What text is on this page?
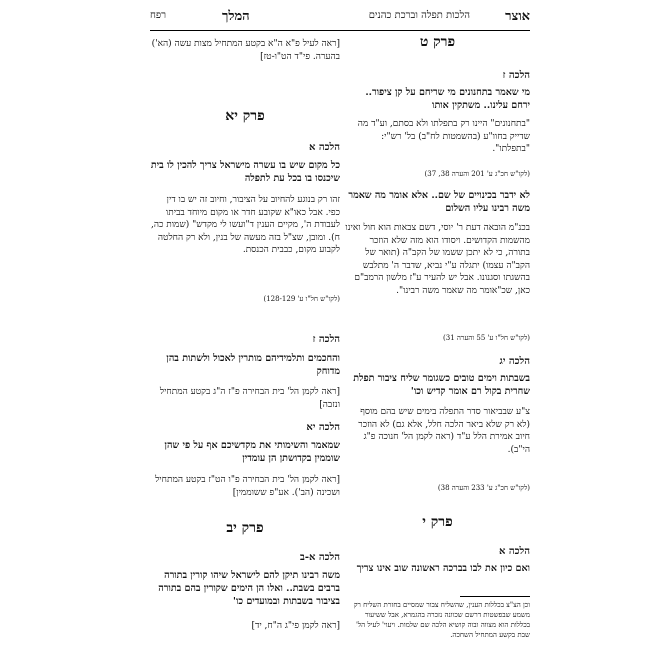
אוצר
הלכות תפלה וברכת כהנים
המלך
רפח

פרק ט

הלכה ז

מי שאמר בתחנונים מי שריחם על קן ציפור.. ירחם עלינו.. משתקין אותו

"בתחנונים" היינו רק בתפלתו ולא בסתם, וע"ד מה שדייק בחוו"ע (בהשמטות לח"ב) בל' רש"י: "בתפלתו".

(לקו"ש חכ"ג ע' 201 והערה 38, 37)

לא ידבר בכינויים של שם.. אלא אומר מה שאמר משה רבינו עליו השלום

בכנ"מ הובאה דעת ר' יוסי, דשם צבאות הוא חול ואינו מהשמות הקדושים. ויסודו הוא מזה שלא הוזכר בתורה, כי לא יתכן ששמו של הקב"ה (תואר של הקב"ה עצמו) יתגלה ע"י נביא, שדבר ה' מתלבש בהשגתו וסגנונו. אבל יש להעיר ע"ז מלשון הרמב"ם כאן, שכ"אומר מה שאמר משה רבינו".

(לקו"ש חל"ו ע' 55 והערה 31)

הלכה יג

בשבתות וימים טובים כשגומר שליח ציבור תפלת שחרית בקול רם אומר קדיש וכו'

צ"ע שבביאור סדר התפלה בימים שיש בהם מוסף (לא רק שלא ביאר הלכה חלל, אלא גם) לא הוזכר חיוב אמירת הלל ע"ד (ראה לקמן הל' חנוכה פ"ג הי"ב).

(לקו"ש חכ"ג ע' 233 והערה 38)

פרק י

הלכה א

ואם כיון את לבו בברכה ראשונה שוב אינו צריך

וכן הצ"צ בכללות הענין, שהשליח צבור שמסיים בחזרת השליח רק משמע שבפשטות דרשם שכוונה נזכרה בהגמרא, אבל ששיעור בכללות הוא מצווה ובוה קושיא הלכה שם שלמות. ויעוי' לעיל הל' שבת בקשע המתחיל השחכה.

[ראה לעיל פ"א ה"א בקטע המתחיל מצות עשה (הא') בהערה. פי"ד הט"ו-טז]

פרק יא

הלכה א

כל מקום שיש בו עשרה מישראל צריך להכין לו בית שיכנסו בו בכל עת לתפלה

זהו רק בנוגע להחיוב על הציבור, וחיוב זה יש בו דין כפי. אבל כאו"א שקובע חדר או מקום מיוחד בביתו לעבודת ה', מקיים הענין ד"ועשו לי מקדש" (שמות כה, ח). ומובן, שצ"ל בזה מעשה של בנין, ולא רק החלטה לקבוע מקום, כבבית הכנסת.

(לקו"ש חל"ו ע' 128-129)

הלכה ז

והחכמים ותלמידיהם מותרין לאכול ולשתות בהן מדוחק

[ראה לקמן הל' בית הבחירה פ"ז ה"ג בקטע המתחיל ונזבה]

הלכה יא

שמאמר והשימותי את מקדשיכם אף על פי שהן שוממין בקדושתן הן עומדין

[ראה לקמן הל' בית הבחירה פ"ו הט"ז בקטע המתחיל ושכינה (הב'). אע"פ ששוממין]

פרק יב

הלכה א-ב

משה רבינו תיקן להם לישראל שיהו קורין בתורה ברבים בשבת.. ואלו הן הימים שקורין בהם בתורה בציבור בשבתות ובמועדים כו'

[ראה לקמן פי"ג ה"ח, יד]
